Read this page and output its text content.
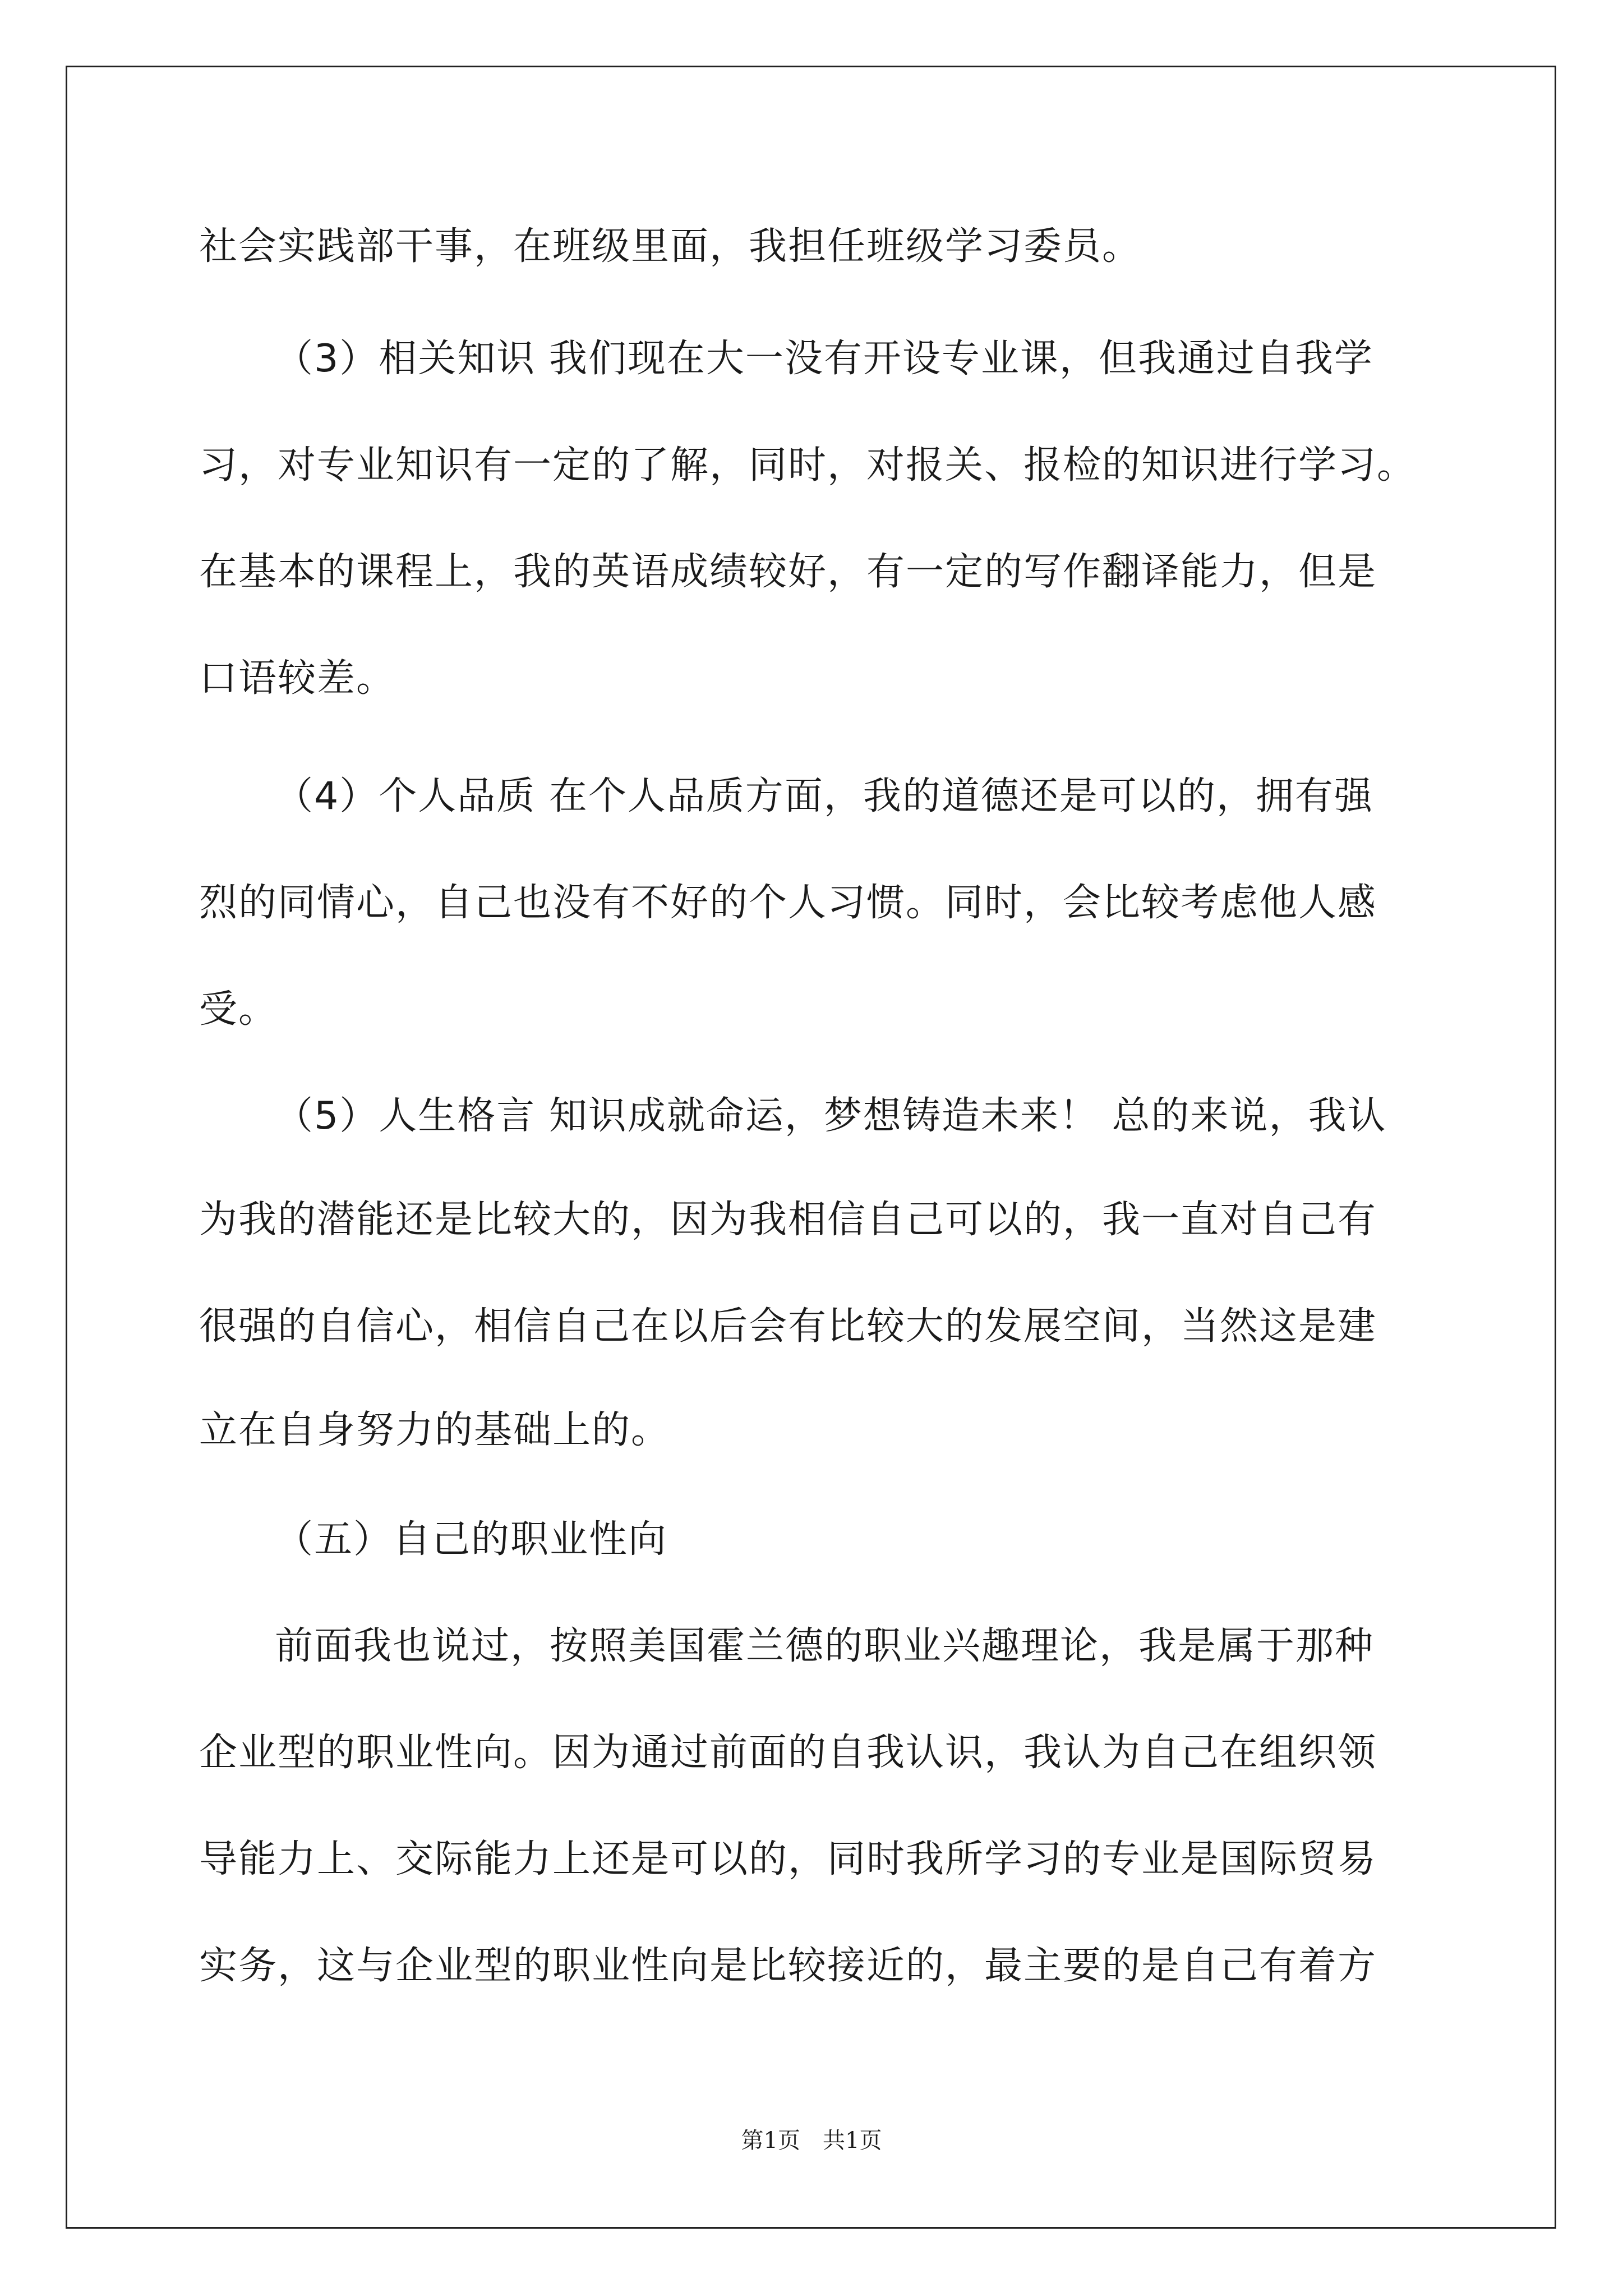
社会实践部干事，在班级里面，我担任班级学习委员。
（3）相关知识 我们现在大一没有开设专业课，但我通过自我学
习，对专业知识有一定的了解，同时，对报关、报检的知识进行学习。
在基本的课程上，我的英语成绩较好，有一定的写作翻译能力，但是
口语较差。
（4）个人品质 在个人品质方面，我的道德还是可以的，拥有强
烈的同情心，自己也没有不好的个人习惯。同时，会比较考虑他人感
受。
（5）人生格言 知识成就命运，梦想铸造未来！ 总的来说，我认
为我的潜能还是比较大的，因为我相信自己可以的，我一直对自己有
很强的自信心，相信自己在以后会有比较大的发展空间，当然这是建
立在自身努力的基础上的。
（五）自己的职业性向
前面我也说过，按照美国霍兰德的职业兴趣理论，我是属于那种
企业型的职业性向。因为通过前面的自我认识，我认为自己在组织领
导能力上、交际能力上还是可以的，同时我所学习的专业是国际贸易
实务，这与企业型的职业性向是比较接近的，最主要的是自己有着方
第1页　共1页
